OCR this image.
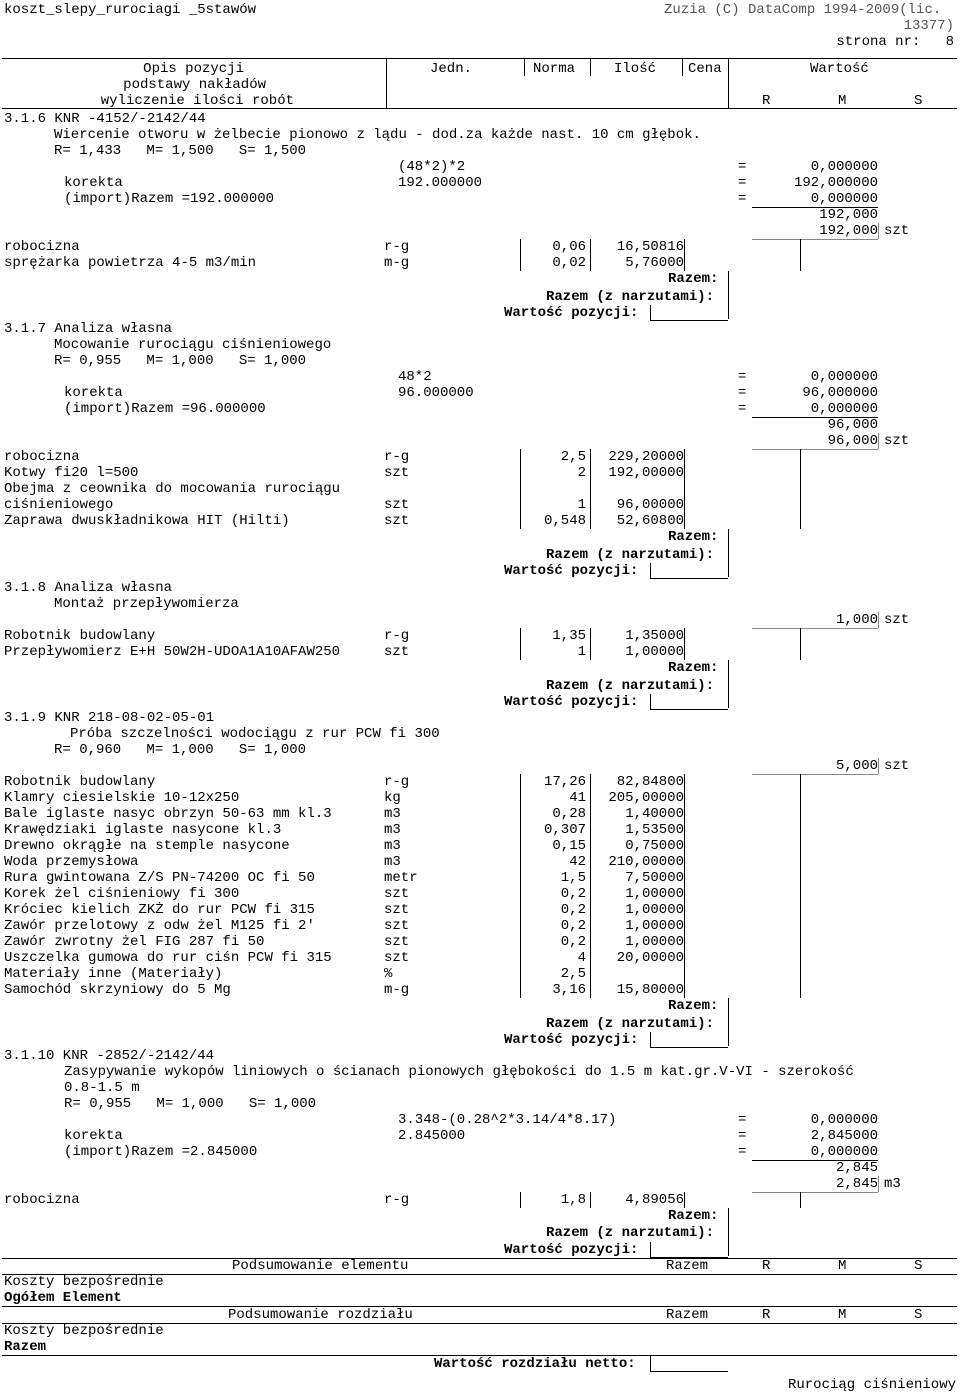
koszt_slepy_rurociagi _5stawów	Zuzia (C) DataComp 1994-2009(lic.
13377)
strona nr:   8
Opis pozycji
podstawy nakładów
wyliczenie ilości robót
Jedn.	Norma	Ilość Cena	Wartość
R	M	S
3.1.6 KNR -4152/-2142/44
Wiercenie otworu w żelbecie pionowo z lądu - dod.za każde nast. 10 cm głębok.
R= 1,433   M= 1,500   S= 1,500
(48*2)*2	=	0,000000
korekta	192.000000	=	192,000000
(import)Razem =192.000000	=	0,000000
192,000
192,000 szt
robocizna	r-g	0,06	16,50816
sprężarka powietrza 4-5 m3/min	m-g	0,02	5,76000
Razem:
Razem (z narzutami):
Wartość pozycji:
3.1.7 Analiza własna
Mocowanie rurociągu ciśnieniowego
R= 0,955   M= 1,000   S= 1,000
48*2	=	0,000000
korekta	96.000000	=	96,000000
(import)Razem =96.000000	=	0,000000
96,000
96,000 szt
robocizna	r-g	2,5	229,20000
Kotwy fi20 l=500	szt	2	192,00000
Obejma z ceownika do mocowania rurociągu
ciśnieniowego	szt	1	96,00000
Zaprawa dwuskładnikowa HIT (Hilti)	szt	0,548	52,60800
Razem:
Razem (z narzutami):
Wartość pozycji:
3.1.8 Analiza własna
Montaż przepływomierza
1,000 szt
Robotnik budowlany	r-g	1,35	1,35000
Przepływomierz E+H 50W2H-UDOA1A10AFAW250	szt	1	1,00000
Razem:
Razem (z narzutami):
Wartość pozycji:
3.1.9 KNR 218-08-02-05-01
Próba szczelności wodociągu z rur PCW fi 300
R= 0,960   M= 1,000   S= 1,000
5,000 szt
Robotnik budowlany	r-g	17,26	82,84800
Klamry ciesielskie 10-12x250	kg	41	205,00000
Bale iglaste nasyc obrzyn 50-63 mm kl.3	m3	0,28	1,40000
Krawędziaki iglaste nasycone kl.3	m3	0,307	1,53500
Drewno okrągłe na stemple nasycone	m3	0,15	0,75000
Woda przemysłowa	m3	42	210,00000
Rura gwintowana Z/S PN-74200 OC fi 50	metr	1,5	7,50000
Korek żel ciśnieniowy fi 300	szt	0,2	1,00000
Króciec kielich ZKŻ do rur PCW fi 315	szt	0,2	1,00000
Zawór przelotowy z odw żel M125 fi 2'	szt	0,2	1,00000
Zawór zwrotny żel FIG 287 fi 50	szt	0,2	1,00000
Uszczelka gumowa do rur ciśn PCW fi 315	szt	4	20,00000
Materiały inne (Materiały)	%	2,5
Samochód skrzyniowy do 5 Mg	m-g	3,16	15,80000
Razem:
Razem (z narzutami):
Wartość pozycji:
3.1.10 KNR -2852/-2142/44
Zasypywanie wykopów liniowych o ścianach pionowych głębokości do 1.5 m kat.gr.V-VI - szerokość
0.8-1.5 m
R= 0,955   M= 1,000   S= 1,000
3.348-(0.28^2*3.14/4*8.17)	=	0,000000
korekta	2.845000	=	2,845000
(import)Razem =2.845000	=	0,000000
2,845
2,845 m3
robocizna	r-g	1,8	4,89056
Razem:
Razem (z narzutami):
Wartość pozycji:
Podsumowanie elementu	Razem	R	M	S
Koszty bezpośrednie
Ogółem Element
Podsumowanie rozdziału	Razem	R	M	S
Koszty bezpośrednie
Razem
Wartość rozdziału netto:
Rurociąg ciśnieniowy
